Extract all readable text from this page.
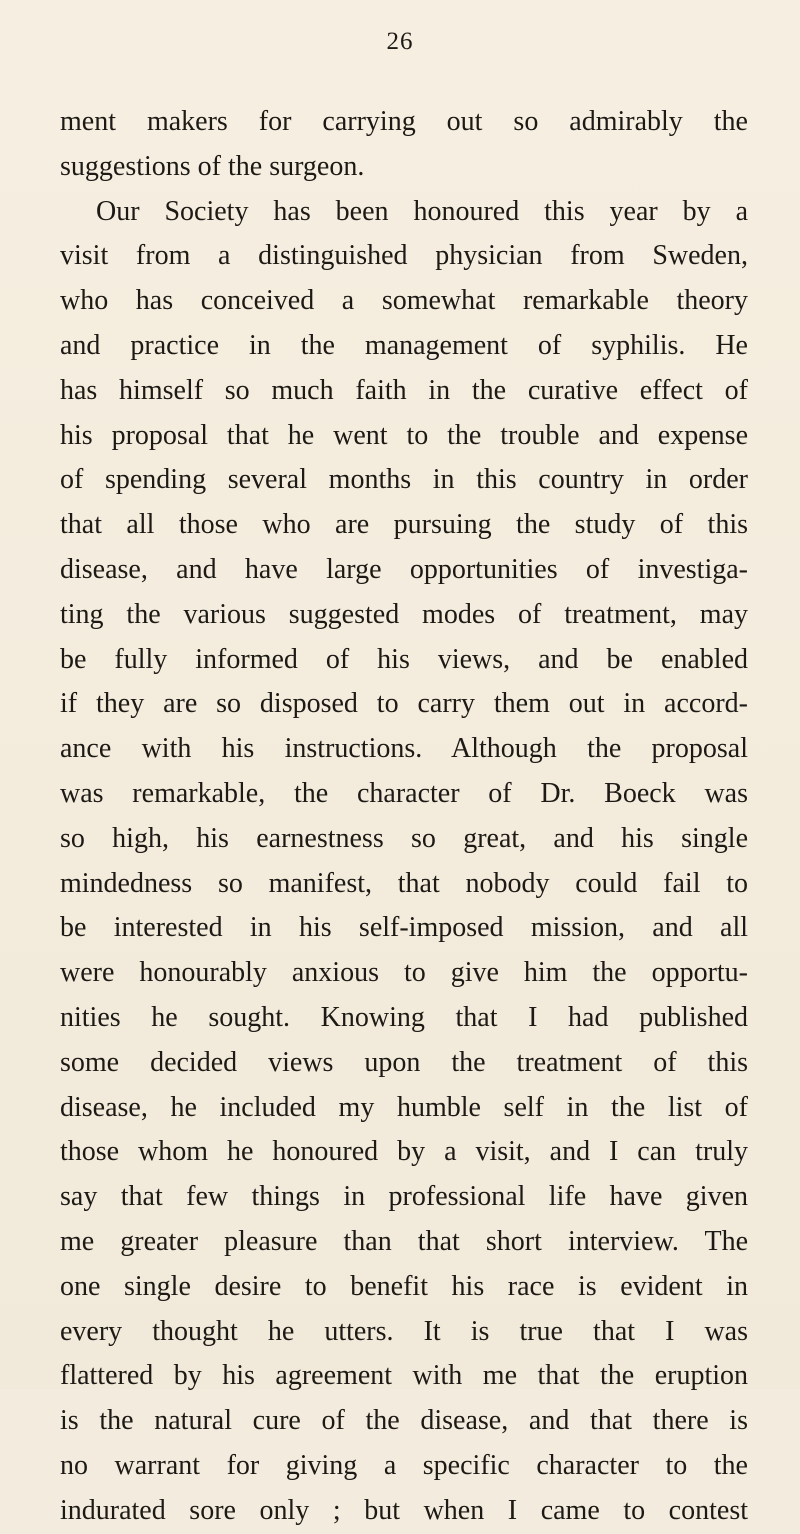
26
ment makers for carrying out so admirably the
suggestions of the surgeon.
Our Society has been honoured this year by a
visit from a distinguished physician from Sweden,
who has conceived a somewhat remarkable theory
and practice in the management of syphilis. He
has himself so much faith in the curative effect of
his proposal that he went to the trouble and expense
of spending several months in this country in order
that all those who are pursuing the study of this
disease, and have large opportunities of investiga-
ting the various suggested modes of treatment, may
be fully informed of his views, and be enabled
if they are so disposed to carry them out in accord-
ance with his instructions. Although the proposal
was remarkable, the character of Dr. Boeck was
so high, his earnestness so great, and his single
mindedness so manifest, that nobody could fail to
be interested in his self-imposed mission, and all
were honourably anxious to give him the opportu-
nities he sought. Knowing that I had published
some decided views upon the treatment of this
disease, he included my humble self in the list of
those whom he honoured by a visit, and I can truly
say that few things in professional life have given
me greater pleasure than that short interview. The
one single desire to benefit his race is evident in
every thought he utters. It is true that I was
flattered by his agreement with me that the eruption
is the natural cure of the disease, and that there is
no warrant for giving a specific character to the
indurated sore only ; but when I came to contest
